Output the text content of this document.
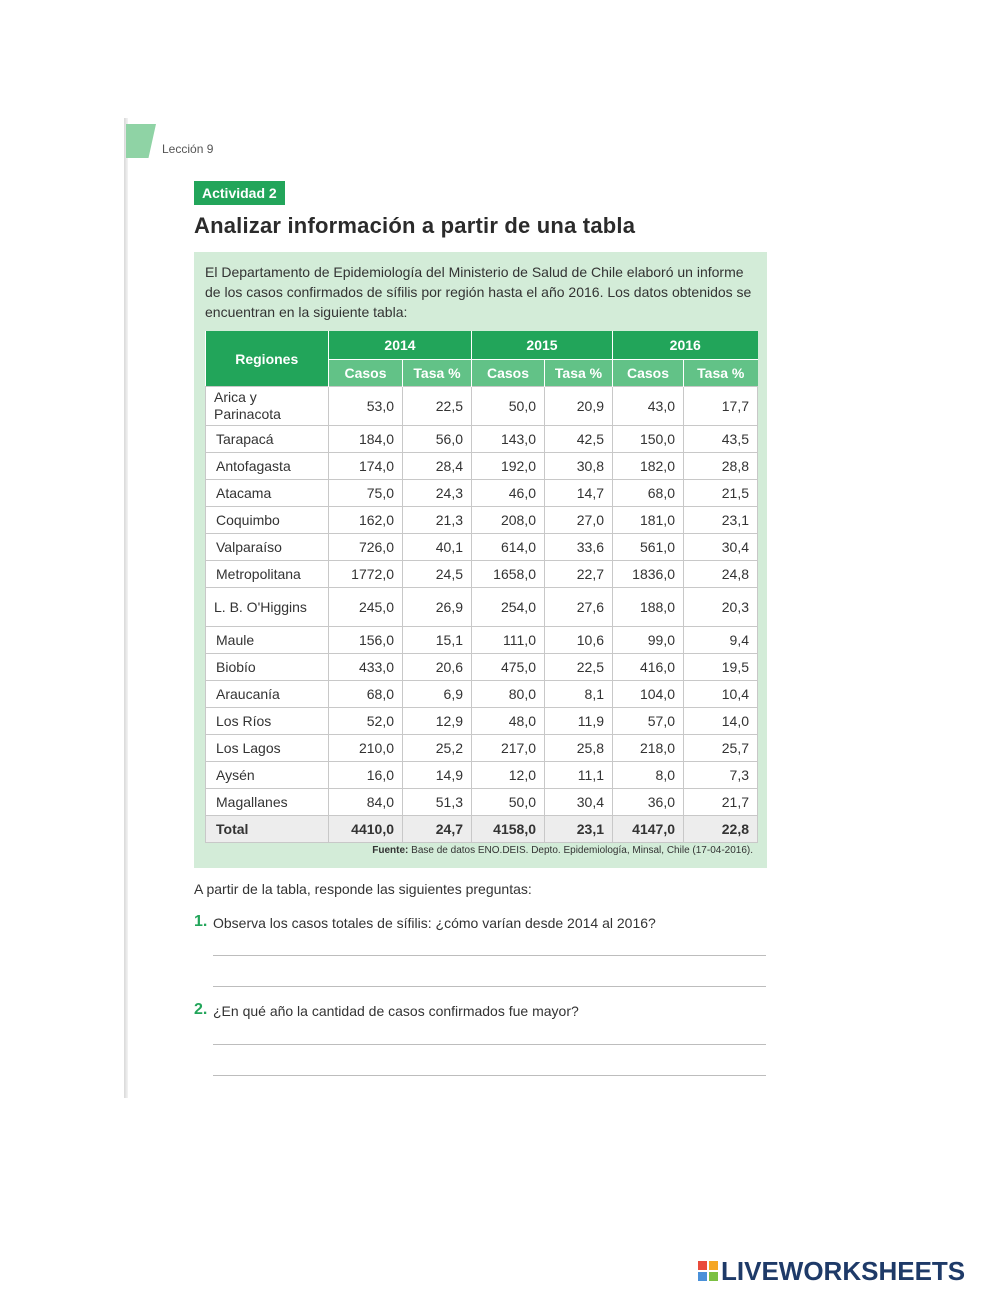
Lección 9
Actividad 2
Analizar información a partir de una tabla
El Departamento de Epidemiología del Ministerio de Salud de Chile elaboró un informe de los casos confirmados de sífilis por región hasta el año 2016. Los datos obtenidos se encuentran en la siguiente tabla:
Regiones	2014		2015		2016	
	Casos	Tasa %	Casos	Tasa %	Casos	Tasa %
Arica y Parinacota	53,0	22,5	50,0	20,9	43,0	17,7
Tarapacá	184,0	56,0	143,0	42,5	150,0	43,5
Antofagasta	174,0	28,4	192,0	30,8	182,0	28,8
Atacama	75,0	24,3	46,0	14,7	68,0	21,5
Coquimbo	162,0	21,3	208,0	27,0	181,0	23,1
Valparaíso	726,0	40,1	614,0	33,6	561,0	30,4
Metropolitana	1772,0	24,5	1658,0	22,7	1836,0	24,8
L. B. O'Higgins	245,0	26,9	254,0	27,6	188,0	20,3
Maule	156,0	15,1	111,0	10,6	99,0	9,4
Biobío	433,0	20,6	475,0	22,5	416,0	19,5
Araucanía	68,0	6,9	80,0	8,1	104,0	10,4
Los Ríos	52,0	12,9	48,0	11,9	57,0	14,0
Los Lagos	210,0	25,2	217,0	25,8	218,0	25,7
Aysén	16,0	14,9	12,0	11,1	8,0	7,3
Magallanes	84,0	51,3	50,0	30,4	36,0	21,7
Total	4410,0	24,7	4158,0	23,1	4147,0	22,8
Fuente: Base de datos ENO.DEIS. Depto. Epidemiología, Minsal, Chile (17-04-2016).
A partir de la tabla, responde las siguientes preguntas:
1. Observa los casos totales de sífilis: ¿cómo varían desde 2014 al 2016?
2. ¿En qué año la cantidad de casos confirmados fue mayor?
LIVEWORKSHEETS
